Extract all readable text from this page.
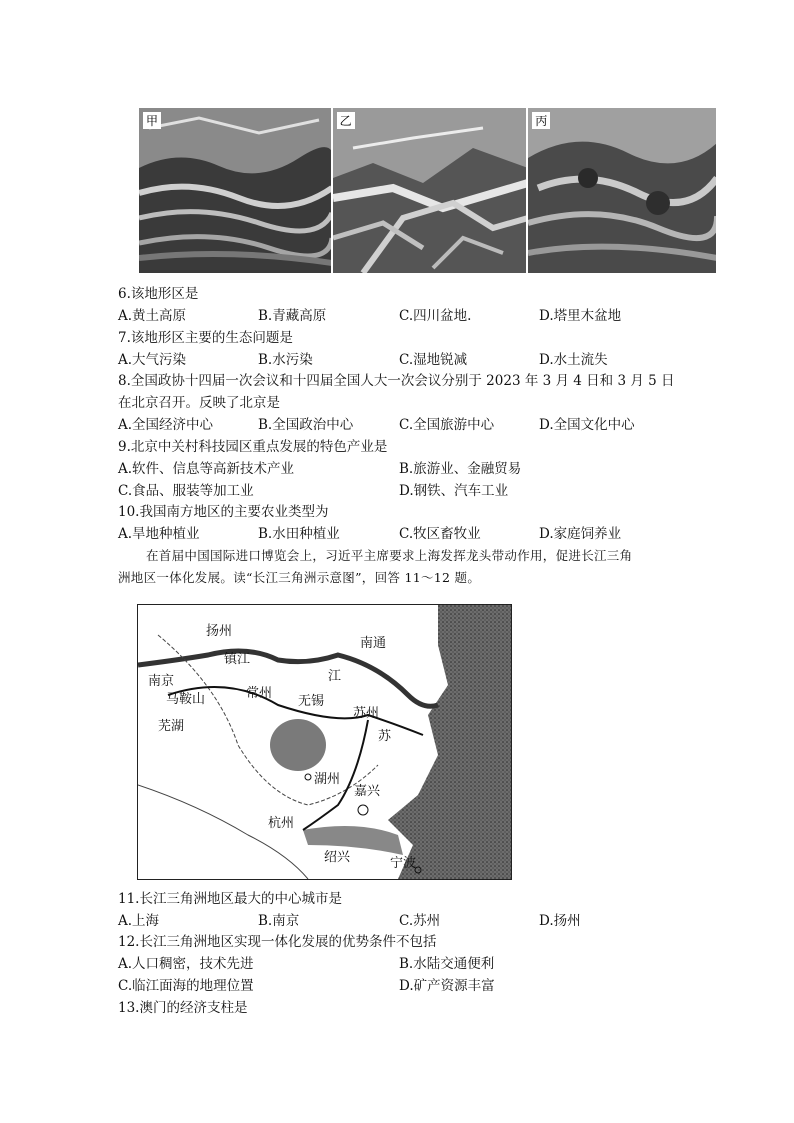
甲	乙	丙
6.该地形区是
A.黄土高原	B.青藏高原	C.四川盆地.	D.塔里木盆地
7.该地形区主要的生态问题是
A.大气污染	B.水污染	C.湿地锐减	D.水土流失
8.全国政协十四届一次会议和十四届全国人大一次会议分别于 2023 年 3 月 4 日和 3 月 5 日
在北京召开。反映了北京是
A.全国经济中心	B.全国政治中心	C.全国旅游中心	D.全国文化中心
9.北京中关村科技园区重点发展的特色产业是
A.软件、信息等高新技术产业	B.旅游业、金融贸易
C.食品、服装等加工业	D.钢铁、汽车工业
10.我国南方地区的主要农业类型为
A.旱地种植业	B.水田种植业	C.牧区畜牧业	D.家庭饲养业
在首届中国国际进口博览会上，习近平主席要求上海发挥龙头带动作用，促进长江三角
洲地区一体化发展。读“长江三角洲示意图”，回答 11～12 题。
扬州
镇江
南京
马鞍山
芜湖
常州
苏州
无锡
江
苏
湖州
嘉兴
杭州
绍兴	宁波
南通
11.长江三角洲地区最大的中心城市是
A.上海	B.南京	C.苏州	D.扬州
12.长江三角洲地区实现一体化发展的优势条件不包括
A.人口稠密，技术先进	B.水陆交通便利
C.临江面海的地理位置	D.矿产资源丰富
13.澳门的经济支柱是
